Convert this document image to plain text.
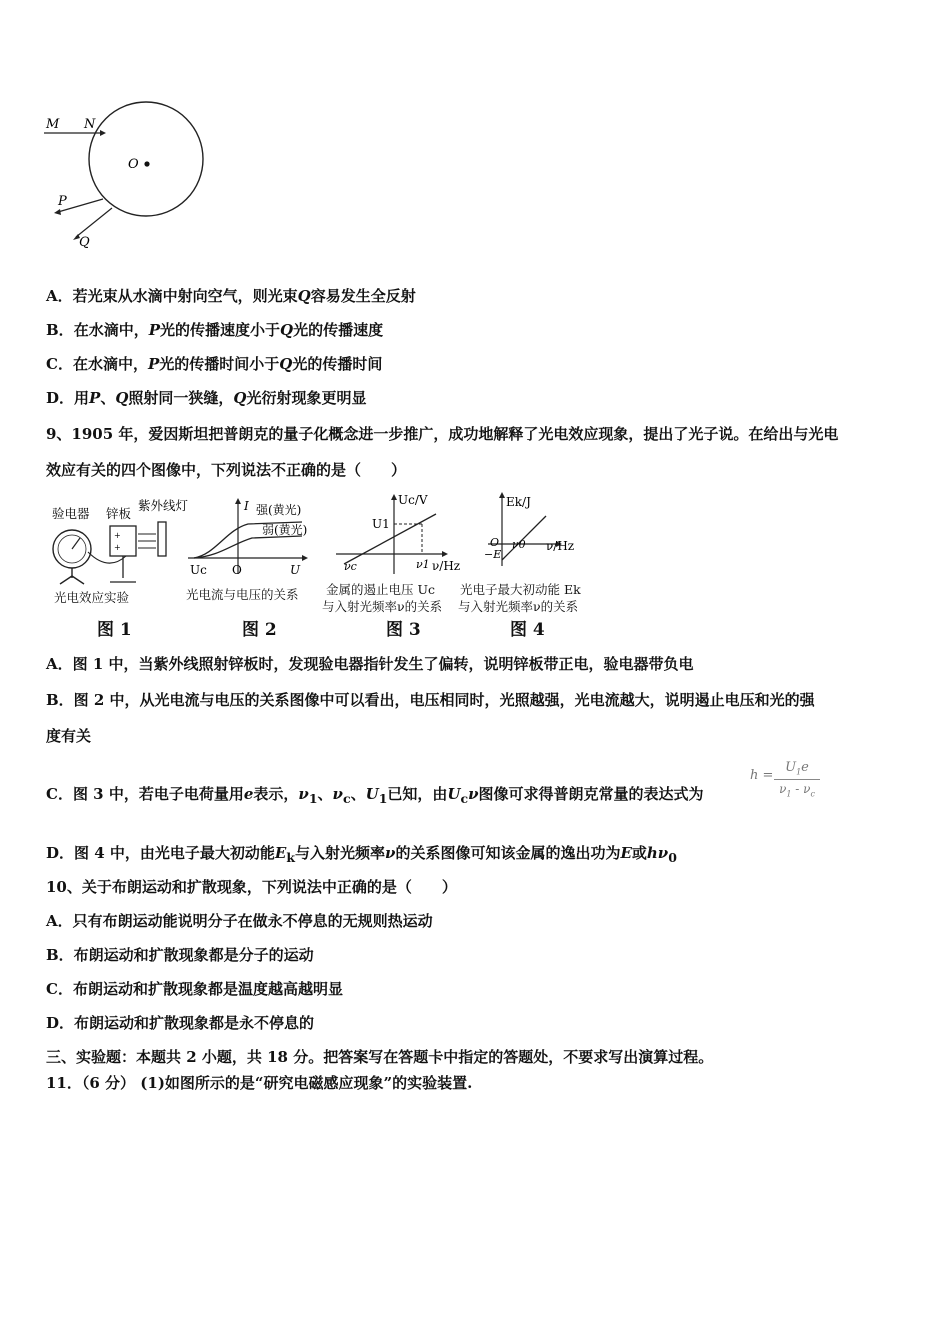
M N
O
P
Q
A．若光束从水滴中射向空气，则光束Q容易发生全反射
B．在水滴中，P光的传播速度小于Q光的传播速度
C．在水滴中，P光的传播时间小于Q光的传播时间
D．用P、Q照射同一狭缝，Q光衍射现象更明显
9、1905 年，爱因斯坦把普朗克的量子化概念进一步推广，成功地解释了光电效应现象，提出了光子说。在给出与光电
效应有关的四个图像中，下列说法不正确的是（　　）
验电器 锌板
紫外线灯
+
+
光电效应实验
图 1
I 强(黄光)
弱(黄光)
Uc O	U
光电流与电压的关系
图 2
Uc/V
U1
νc	ν1 ν/Hz
金属的遏止电压 Uc
与入射光频率ν的关系
图 3
Ek/J
O ν0
−E
ν/Hz
光电子最大初动能 Ek
与入射光频率ν的关系
图 4
A．图 1 中，当紫外线照射锌板时，发现验电器指针发生了偏转，说明锌板带正电，验电器带负电
B．图 2 中，从光电流与电压的关系图像中可以看出，电压相同时，光照越强，光电流越大，说明遏止电压和光的强
度有关
C．图 3 中，若电子电荷量用e表示，$\nu_1$、$\nu_c$、$U_1$已知，由$U_c\nu$图像可求得普朗克常量的表达式为
h =
$U_1e$
$\nu_1 - \nu_c$
D．图 4 中，由光电子最大初动能$E_k$与入射光频率ν的关系图像可知该金属的逸出功为E或$h\nu_0$
10、关于布朗运动和扩散现象，下列说法中正确的是（　　）
A．只有布朗运动能说明分子在做永不停息的无规则热运动
B．布朗运动和扩散现象都是分子的运动
C．布朗运动和扩散现象都是温度越高越明显
D．布朗运动和扩散现象都是永不停息的
三、实验题：本题共 2 小题，共 18 分。把答案写在答题卡中指定的答题处，不要求写出演算过程。
11．（6 分） (1)如图所示的是“研究电磁感应现象”的实验装置.
